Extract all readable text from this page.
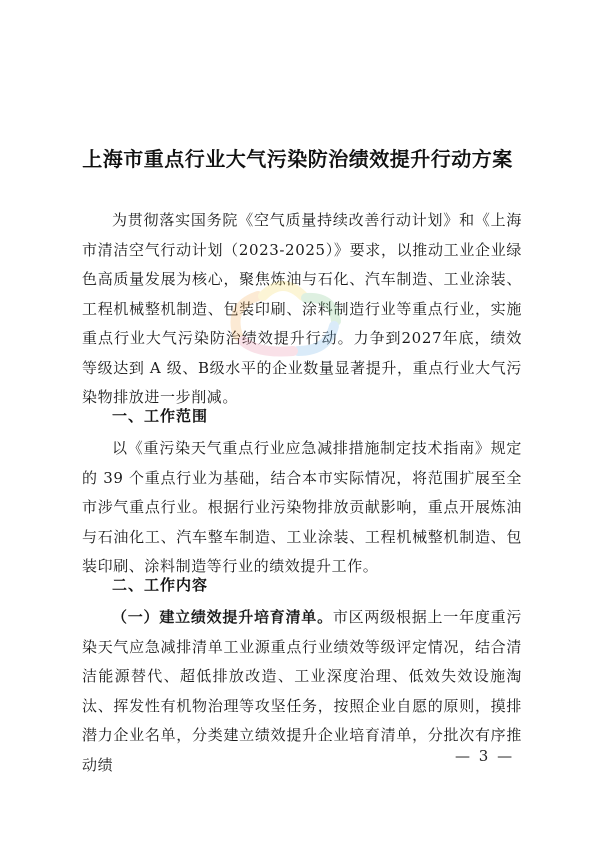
上海市重点行业大气污染防治绩效提升行动方案
为贯彻落实国务院《空气质量持续改善行动计划》和《上海市清洁空气行动计划（2023-2025）》要求，以推动工业企业绿色高质量发展为核心，聚焦炼油与石化、汽车制造、工业涂装、工程机械整机制造、包装印刷、涂料制造行业等重点行业，实施重点行业大气污染防治绩效提升行动。力争到2027年底，绩效等级达到 A 级、B级水平的企业数量显著提升，重点行业大气污染物排放进一步削减。
一、工作范围
以《重污染天气重点行业应急减排措施制定技术指南》规定的 39 个重点行业为基础，结合本市实际情况，将范围扩展至全市涉气重点行业。根据行业污染物排放贡献影响，重点开展炼油与石油化工、汽车整车制造、工业涂装、工程机械整机制造、包装印刷、涂料制造等行业的绩效提升工作。
二、工作内容
（一）建立绩效提升培育清单。市区两级根据上一年度重污染天气应急减排清单工业源重点行业绩效等级评定情况，结合清洁能源替代、超低排放改造、工业深度治理、低效失效设施淘汰、挥发性有机物治理等攻坚任务，按照企业自愿的原则，摸排潜力企业名单，分类建立绩效提升企业培育清单，分批次有序推动绩	— 3 —
